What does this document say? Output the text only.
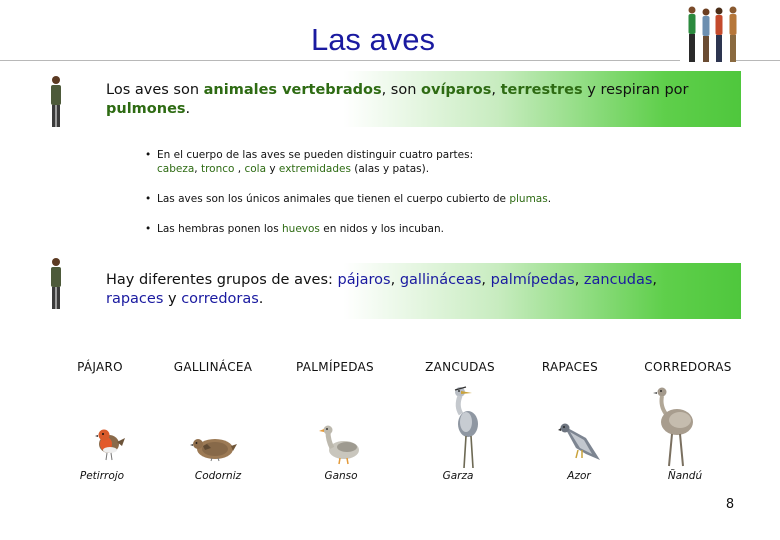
Las aves
Los aves son animales vertebrados, son ovíparos, terrestres y respiran por pulmones.
• En el cuerpo de las aves se pueden distinguir cuatro partes:
cabeza, tronco , cola y extremidades (alas y patas).
• Las aves son los únicos animales que tienen el cuerpo cubierto de plumas.
• Las hembras ponen los huevos en nidos y los incuban.
Hay diferentes grupos de aves: pájaros, gallináceas, palmípedas, zancudas, rapaces y corredoras.
PÁJARO	GALLINÁCEA	PALMÍPEDAS	ZANCUDAS	RAPACES	CORREDORAS
Petirrojo	Codorniz	Ganso	Garza	Azor	Ñandú
8
